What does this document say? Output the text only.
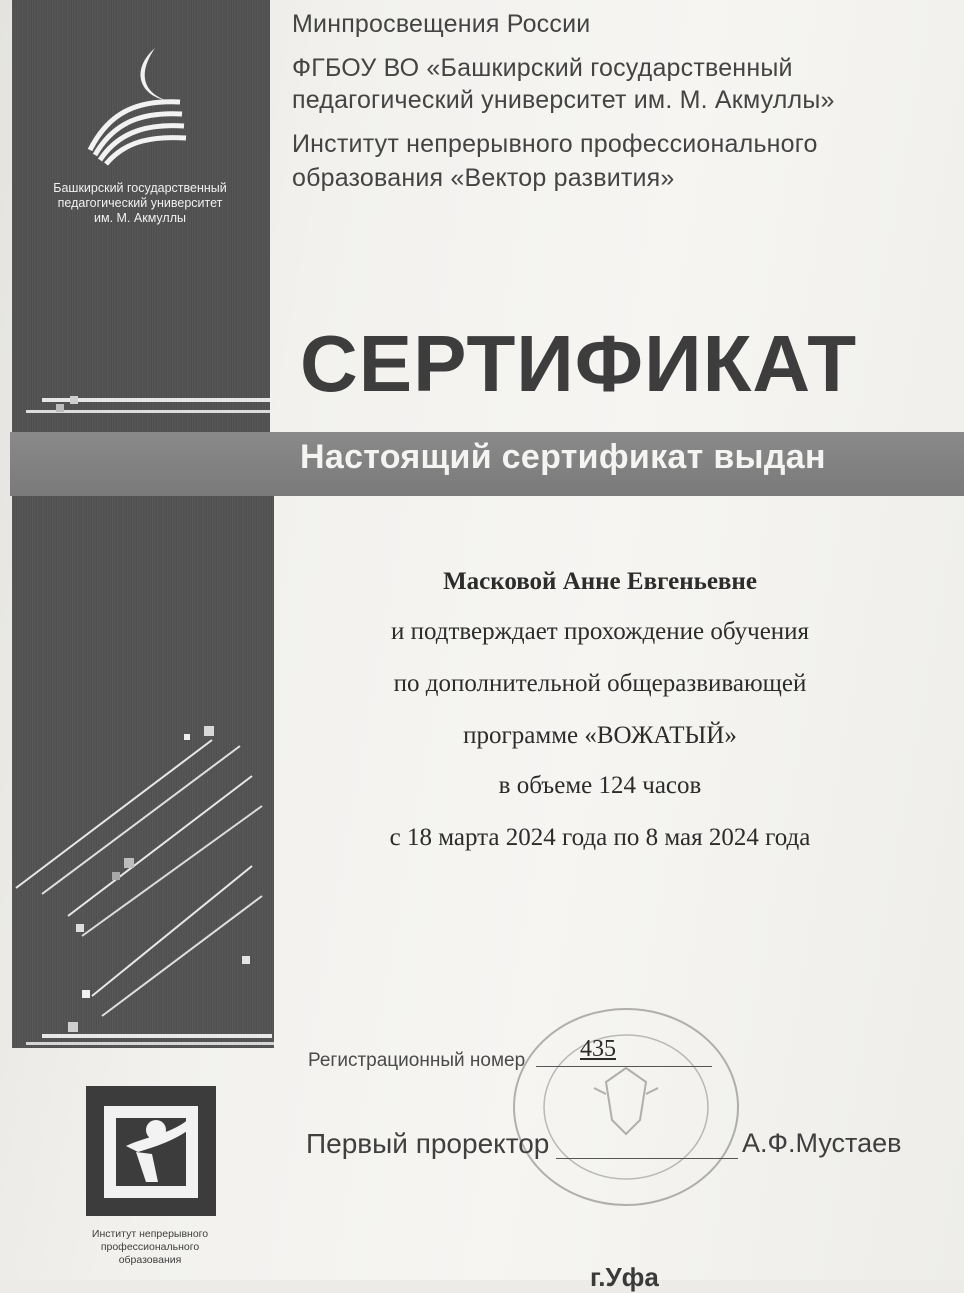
Башкирский государственный
педагогический университет
им. М. Акмуллы
Минпросвещения России
ФГБОУ ВО «Башкирский государственный
педагогический университет им. М. Акмуллы»
Институт непрерывного профессионального
образования «Вектор развития»
СЕРТИФИКАТ
Настоящий сертификат выдан
Масковой Анне Евгеньевне
и подтверждает прохождение обучения
по дополнительной общеразвивающей
программе «ВОЖАТЫЙ»
в объеме 124 часов
с 18 марта 2024 года по 8 мая 2024 года
Регистрационный номер 435
Первый проректор	А.Ф.Мустаев
Институт непрерывного
профессионального
образования
г.Уфа
